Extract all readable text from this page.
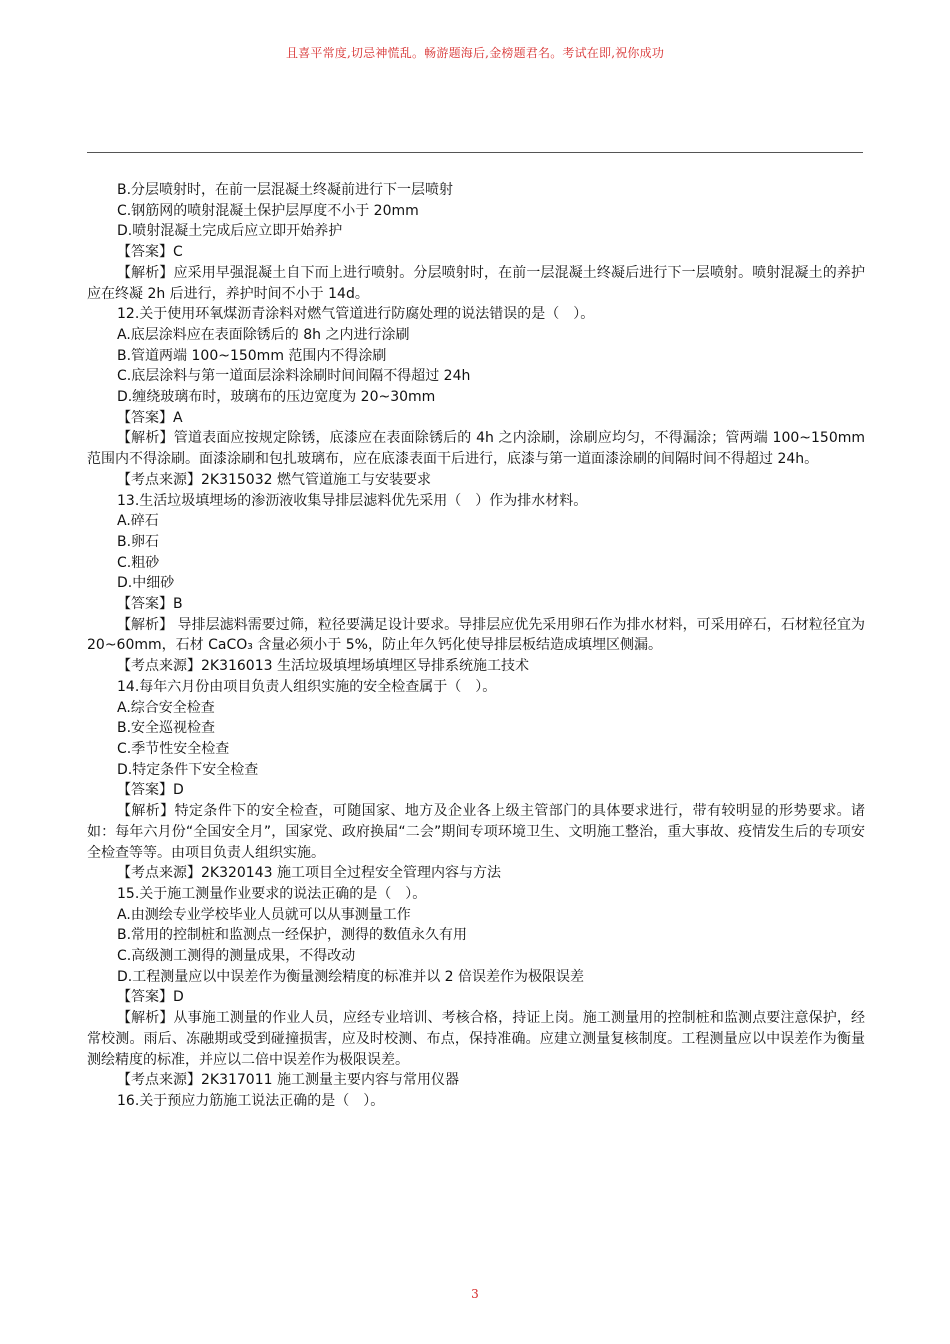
且喜平常度,切忌神慌乱。畅游题海后,金榜题君名。考试在即,祝你成功

B.分层喷射时，在前一层混凝土终凝前进行下一层喷射

C.钢筋网的喷射混凝土保护层厚度不小于 20mm

D.喷射混凝土完成后应立即开始养护

【答案】C

【解析】应采用早强混凝土自下而上进行喷射。分层喷射时，在前一层混凝土终凝后进行下一层喷射。喷射混凝土的养护应在终凝 2h 后进行，养护时间不小于 14d。

12.关于使用环氧煤沥青涂料对燃气管道进行防腐处理的说法错误的是（　）。

A.底层涂料应在表面除锈后的 8h 之内进行涂刷

B.管道两端 100~150mm 范围内不得涂刷

C.底层涂料与第一道面层涂料涂刷时间间隔不得超过 24h

D.缠绕玻璃布时，玻璃布的压边宽度为 20~30mm

【答案】A

【解析】管道表面应按规定除锈，底漆应在表面除锈后的 4h 之内涂刷，涂刷应均匀，不得漏涂；管两端 100~150mm 范围内不得涂刷。面漆涂刷和包扎玻璃布，应在底漆表面干后进行，底漆与第一道面漆涂刷的间隔时间不得超过 24h。

【考点来源】2K315032 燃气管道施工与安装要求

13.生活垃圾填埋场的渗沥液收集导排层滤料优先采用（　）作为排水材料。

A.碎石

B.卵石

C.粗砂

D.中细砂

【答案】B

【解析】 导排层滤料需要过筛，粒径要满足设计要求。导排层应优先采用卵石作为排水材料，可采用碎石，石材粒径宜为 20~60mm，石材 CaCO₃ 含量必须小于 5%，防止年久钙化使导排层板结造成填埋区侧漏。

【考点来源】2K316013 生活垃圾填埋场填埋区导排系统施工技术

14.每年六月份由项目负责人组织实施的安全检查属于（　）。

A.综合安全检查

B.安全巡视检查

C.季节性安全检查

D.特定条件下安全检查

【答案】D

【解析】特定条件下的安全检查，可随国家、地方及企业各上级主管部门的具体要求进行，带有较明显的形势要求。诸如：每年六月份“全国安全月”，国家党、政府换届“二会”期间专项环境卫生、文明施工整治，重大事故、疫情发生后的专项安全检查等等。由项目负责人组织实施。

【考点来源】2K320143 施工项目全过程安全管理内容与方法

15.关于施工测量作业要求的说法正确的是（　）。

A.由测绘专业学校毕业人员就可以从事测量工作

B.常用的控制桩和监测点一经保护，测得的数值永久有用

C.高级测工测得的测量成果，不得改动

D.工程测量应以中误差作为衡量测绘精度的标准并以 2 倍误差作为极限误差

【答案】D

【解析】从事施工测量的作业人员，应经专业培训、考核合格，持证上岗。施工测量用的控制桩和监测点要注意保护，经常校测。雨后、冻融期或受到碰撞损害，应及时校测、布点，保持准确。应建立测量复核制度。工程测量应以中误差作为衡量测绘精度的标准，并应以二倍中误差作为极限误差。

【考点来源】2K317011 施工测量主要内容与常用仪器

16.关于预应力筋施工说法正确的是（　）。

3
